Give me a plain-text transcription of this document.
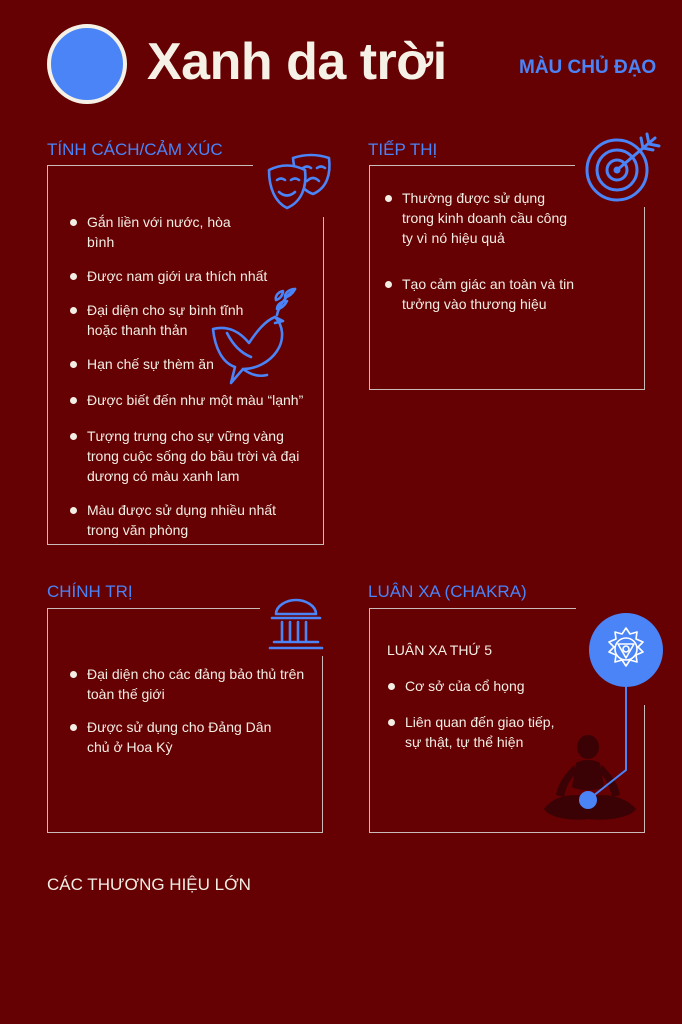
Xanh da trời	MÀU CHỦ ĐẠO
TÍNH CÁCH/CẢM XÚC
Gắn liền với nước, hòa bình
Được nam giới ưa thích nhất
Đại diện cho sự bình tĩnh hoặc thanh thản
Hạn chế sự thèm ăn
Được biết đến như một màu “lạnh”
Tượng trưng cho sự vững vàng trong cuộc sống do bầu trời và đại dương có màu xanh lam
Màu được sử dụng nhiều nhất trong văn phòng
TIẾP THỊ
Thường được sử dụng trong kinh doanh cầu công ty vì nó hiệu quả
Tạo cảm giác an toàn và tin tưởng vào thương hiệu
CHÍNH TRỊ
Đại diện cho các đảng bảo thủ trên toàn thế giới
Được sử dụng cho Đảng Dân chủ ở Hoa Kỳ
LUÂN XA (CHAKRA)
LUÂN XA THỨ 5
Cơ sở của cổ họng
Liên quan đến giao tiếp, sự thật, tự thể hiện
CÁC THƯƠNG HIỆU LỚN
